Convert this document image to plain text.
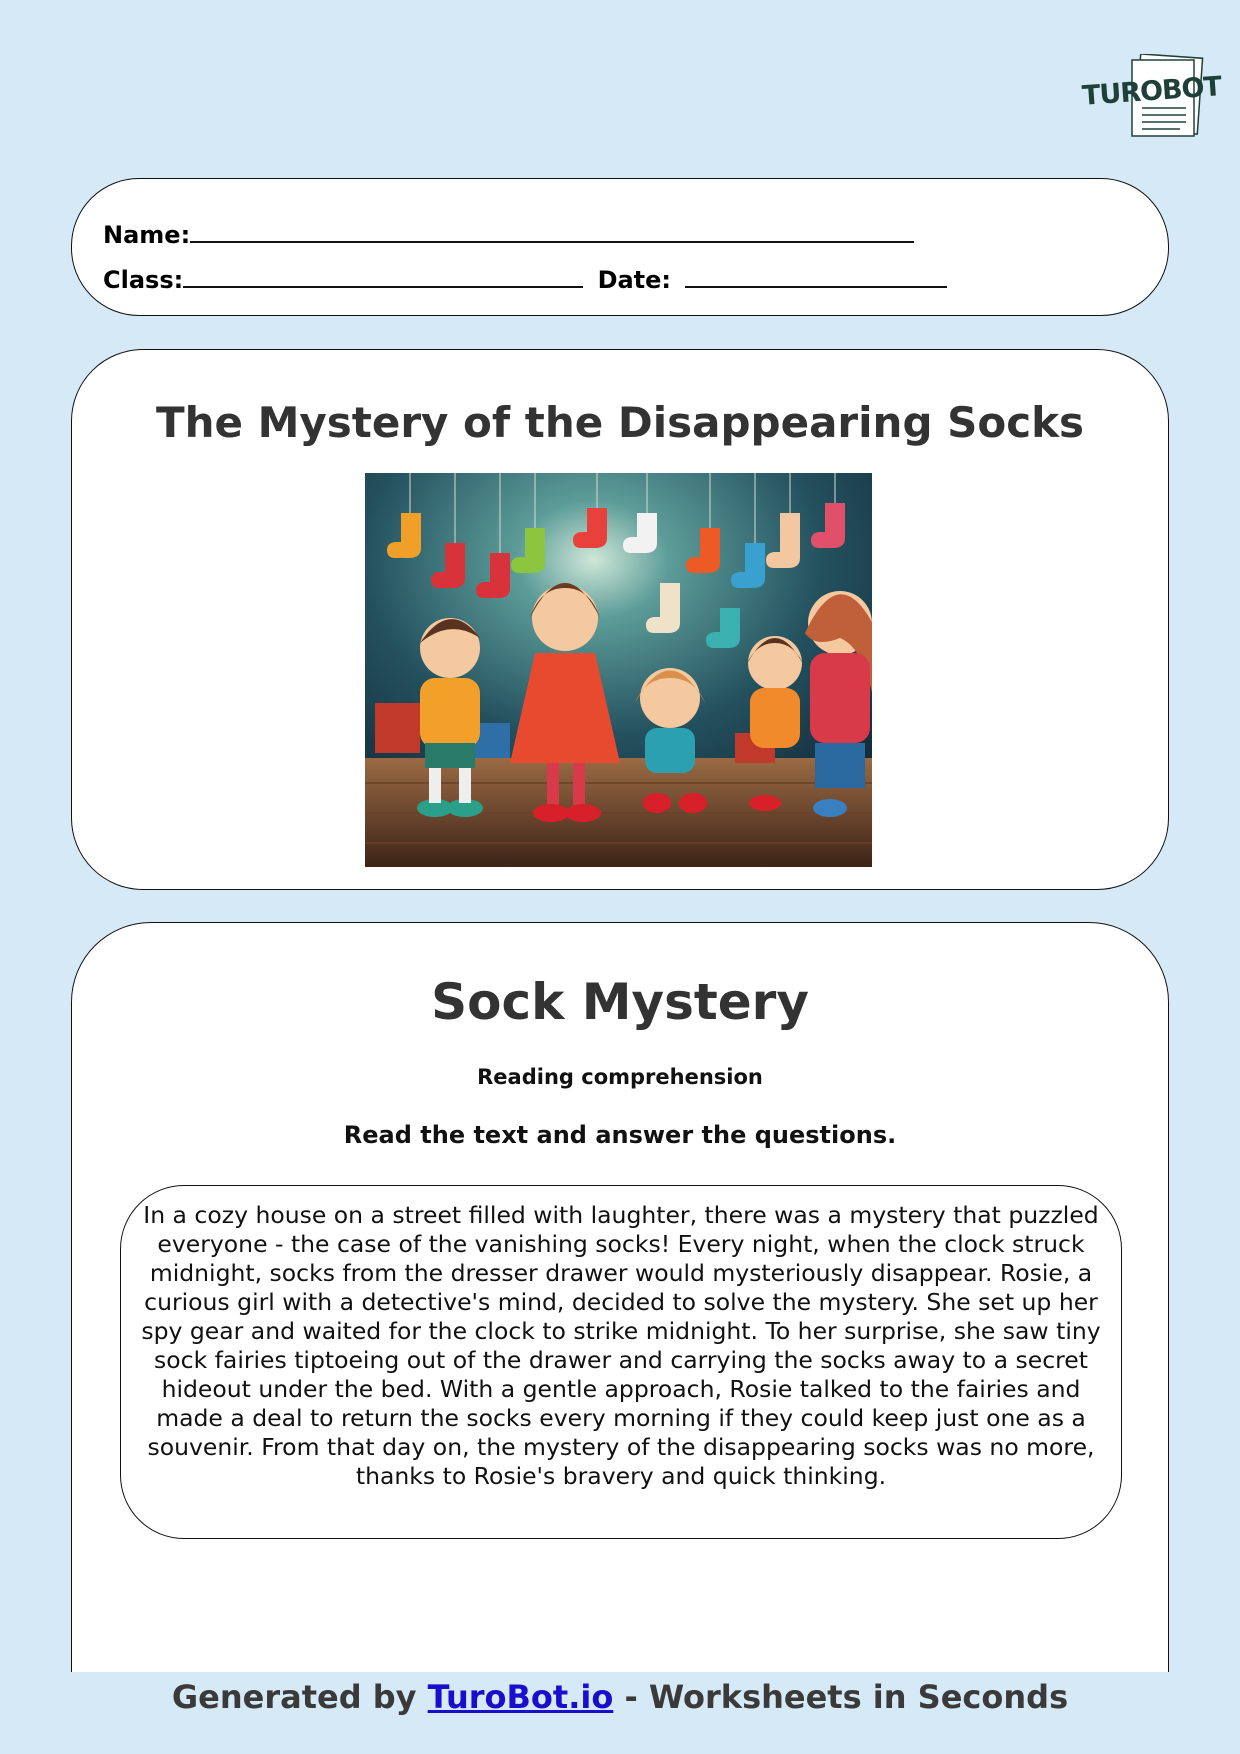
TUROBOT
Name:
Class:	Date:
The Mystery of the Disappearing Socks
Sock Mystery
Reading comprehension
Read the text and answer the questions.
In a cozy house on a street filled with laughter, there was a mystery that puzzled everyone - the case of the vanishing socks! Every night, when the clock struck midnight, socks from the dresser drawer would mysteriously disappear. Rosie, a curious girl with a detective's mind, decided to solve the mystery. She set up her spy gear and waited for the clock to strike midnight. To her surprise, she saw tiny sock fairies tiptoeing out of the drawer and carrying the socks away to a secret hideout under the bed. With a gentle approach, Rosie talked to the fairies and made a deal to return the socks every morning if they could keep just one as a souvenir. From that day on, the mystery of the disappearing socks was no more, thanks to Rosie's bravery and quick thinking.
Generated by TuroBot.io - Worksheets in Seconds
